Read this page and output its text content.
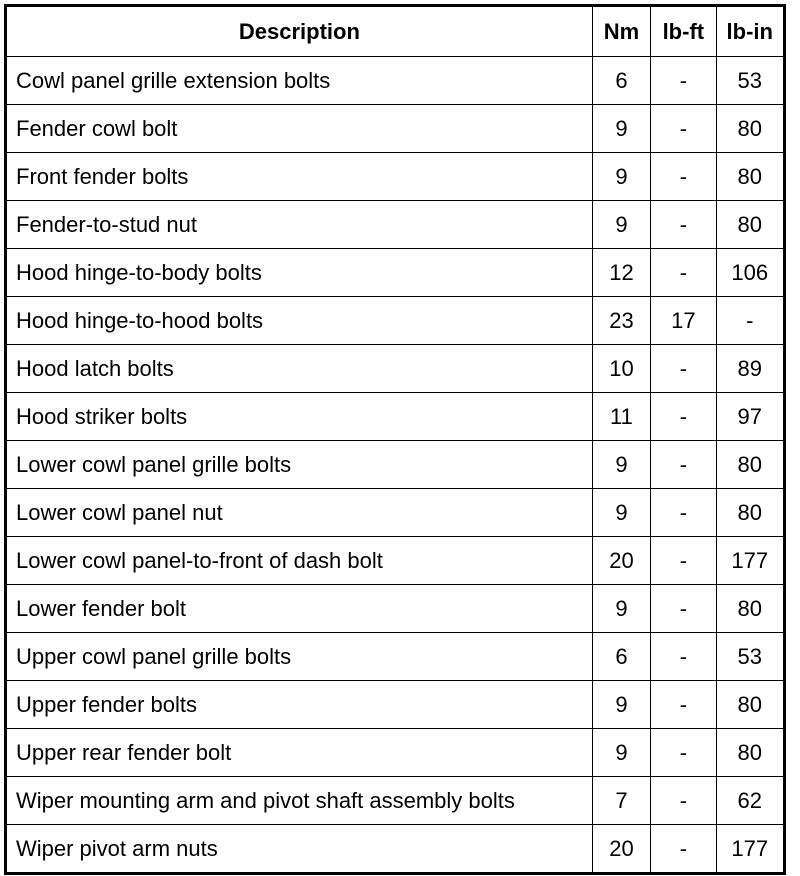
Description	Nm	lb-ft	lb-in
Cowl panel grille extension bolts	6	-	53
Fender cowl bolt	9	-	80
Front fender bolts	9	-	80
Fender-to-stud nut	9	-	80
Hood hinge-to-body bolts	12	-	106
Hood hinge-to-hood bolts	23	17	-
Hood latch bolts	10	-	89
Hood striker bolts	11	-	97
Lower cowl panel grille bolts	9	-	80
Lower cowl panel nut	9	-	80
Lower cowl panel-to-front of dash bolt	20	-	177
Lower fender bolt	9	-	80
Upper cowl panel grille bolts	6	-	53
Upper fender bolts	9	-	80
Upper rear fender bolt	9	-	80
Wiper mounting arm and pivot shaft assembly bolts	7	-	62
Wiper pivot arm nuts	20	-	177
